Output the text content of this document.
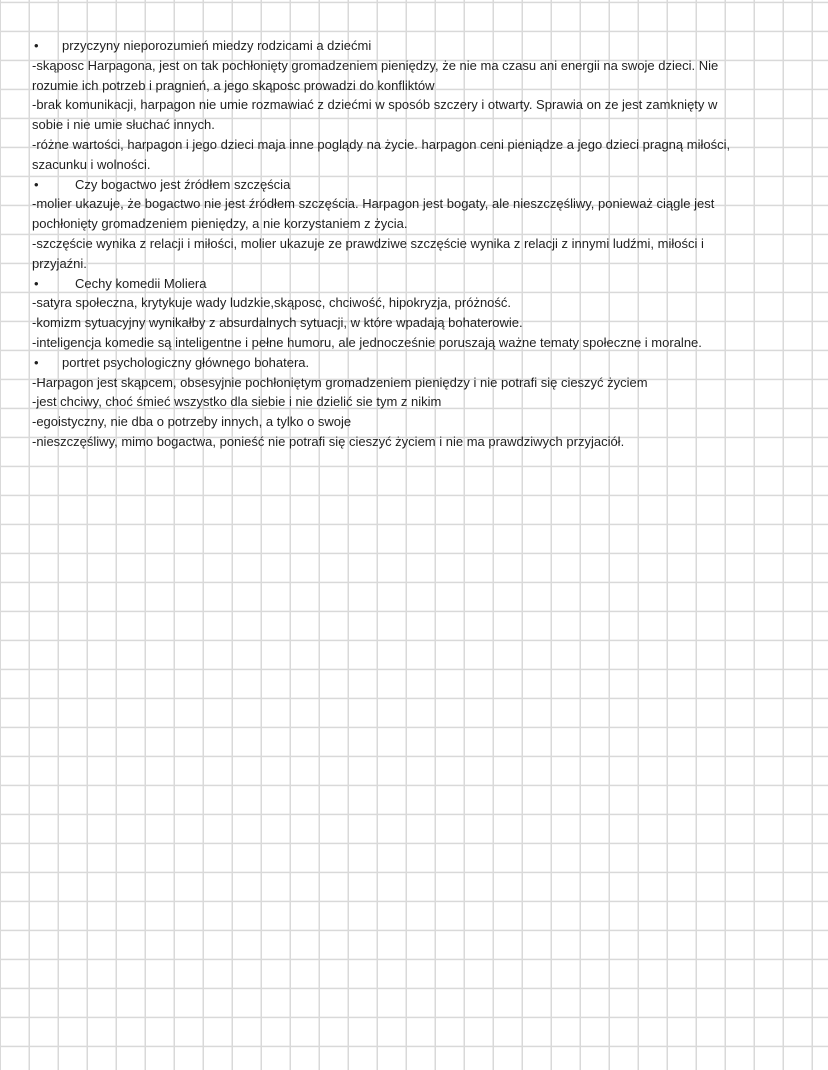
• przyczyny nieporozumień miedzy rodzicami a dziećmi
-skąposc Harpagona, jest on tak pochłonięty gromadzeniem pieniędzy, że nie ma czasu ani energii na swoje dzieci. Nie
rozumie ich potrzeb i pragnień, a jego skąposc prowadzi do konfliktów
-brak komunikacji, harpagon nie umie rozmawiać z dziećmi w sposób szczery i otwarty. Sprawia on ze jest zamknięty w
sobie i nie umie słuchać innych.
-różne wartości, harpagon i jego dzieci maja inne poglądy na życie. harpagon ceni pieniądze a jego dzieci pragną miłości,
szacunku i wolności.
•	Czy bogactwo jest źródłem szczęścia
-molier ukazuje, że bogactwo nie jest źródłem szczęścia. Harpagon jest bogaty, ale nieszczęśliwy, ponieważ ciągle jest
pochłonięty gromadzeniem pieniędzy, a nie korzystaniem z życia.
-szczęście wynika z relacji i miłości, molier ukazuje ze prawdziwe szczęście wynika z relacji z innymi ludźmi, miłości i
przyjaźni.
•	Cechy komedii Moliera
-satyra społeczna, krytykuje wady ludzkie,skąposc, chciwość, hipokryzja, próżność.
-komizm sytuacyjny wynikałby z absurdalnych sytuacji, w które wpadają bohaterowie.
-inteligencja komedie są inteligentne i pełne humoru, ale jednocześnie poruszają ważne tematy społeczne i moralne.
• portret psychologiczny głównego bohatera.
-Harpagon jest skąpcem, obsesyjnie pochłoniętym gromadzeniem pieniędzy i nie potrafi się cieszyć życiem
-jest chciwy, choć śmieć wszystko dla siebie i nie dzielić sie tym z nikim
-egoistyczny, nie dba o potrzeby innych, a tylko o swoje
-nieszczęśliwy, mimo bogactwa, ponieść nie potrafi się cieszyć życiem i nie ma prawdziwych przyjaciół.
